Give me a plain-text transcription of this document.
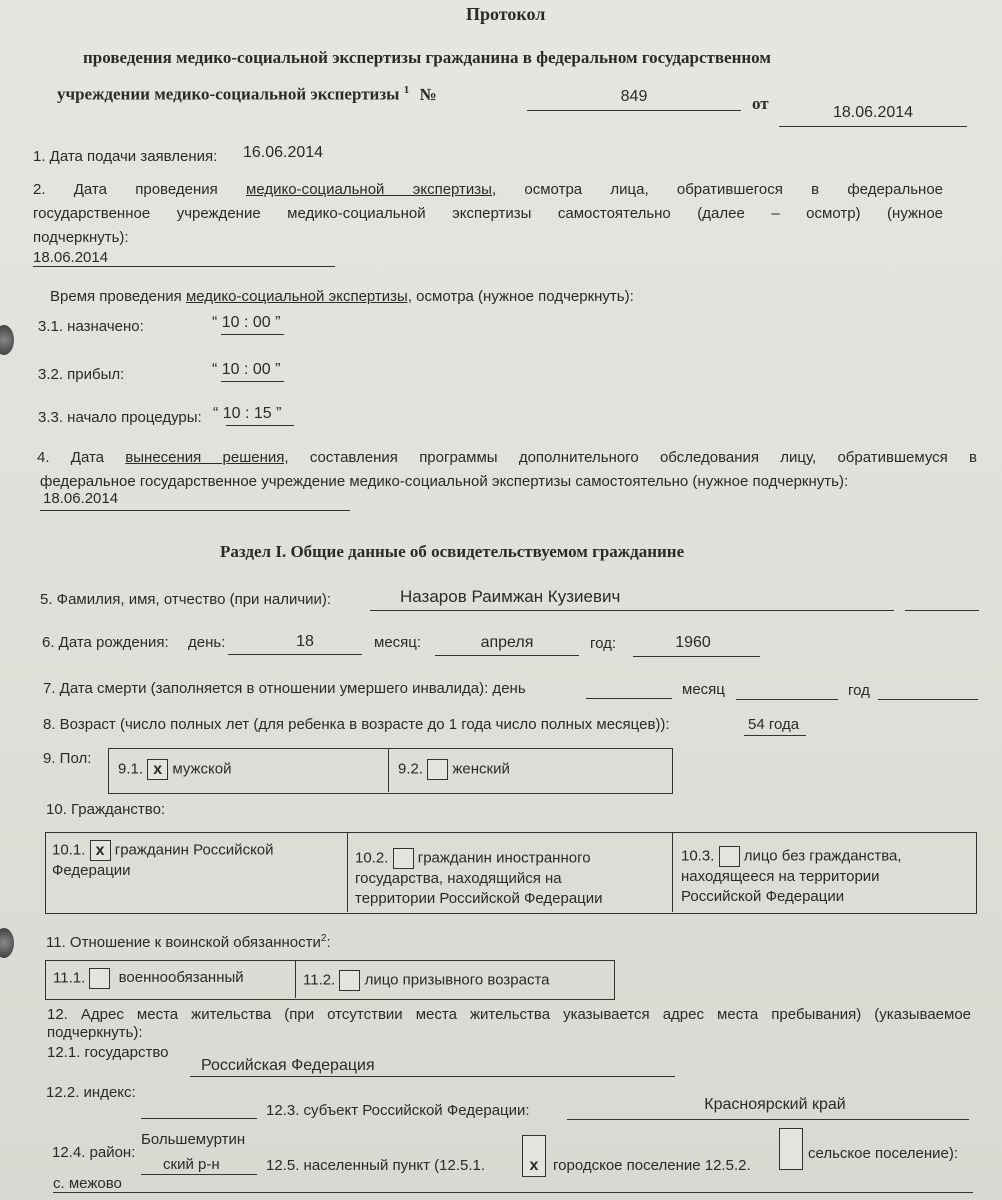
Протокол
проведения медико-социальной экспертизы гражданина в федеральном государственном
учреждении медико-социальной экспертизы $^1$ №	849	от	18.06.2014
1. Дата подачи заявления: 16.06.2014
2. Дата проведения медико-социальной экспертизы, осмотра лица, обратившегося в федеральное
государственное учреждение медико-социальной экспертизы самостоятельно (далее – осмотр) (нужное
подчеркнуть):
18.06.2014
Время проведения медико-социальной экспертизы, осмотра (нужное подчеркнуть):
3.1. назначено:	“ 10 : 00 ”
3.2. прибыл:	“ 10 : 00 ”
3.3. начало процедуры: “ 10 : 15 ”
4. Дата вынесения решения, составления программы дополнительного обследования лицу, обратившемуся в
федеральное государственное учреждение медико-социальной экспертизы самостоятельно (нужное подчеркнуть):
18.06.2014
Раздел I. Общие данные об освидетельствуемом гражданине
5. Фамилия, имя, отчество (при наличии):	Назаров Раимжан Кузиевич
6. Дата рождения: день:	18	месяц:	апреля	год:	1960
7. Дата смерти (заполняется в отношении умершего инвалида): день	месяц	год
8. Возраст (число полных лет (для ребенка в возрасте до 1 года число полных месяцев)):	54 года
9. Пол:
9.1. x мужской	9.2. женский
10. Гражданство:
10.1. x гражданин Российской
Федерации
10.2. гражданин иностранного
государства, находящийся на
территории Российской Федерации
10.3. лицо без гражданства,
находящееся на территории
Российской Федерации
11. Отношение к воинской обязанности$^2$:
11.1. военнообязанный	11.2. лицо призывного возраста
12. Адрес места жительства (при отсутствии места жительства указывается адрес места пребывания) (указываемое
подчеркнуть):
12.1. государство
Российская Федерация
12.2. индекс:
12.3. субъект Российской Федерации:	Красноярский край
12.4. район:
Большемуртин
ский р-н	12.5. населенный пункт (12.5.1.	x городское поселение 12.5.2.
сельское поселение):
с. межово
